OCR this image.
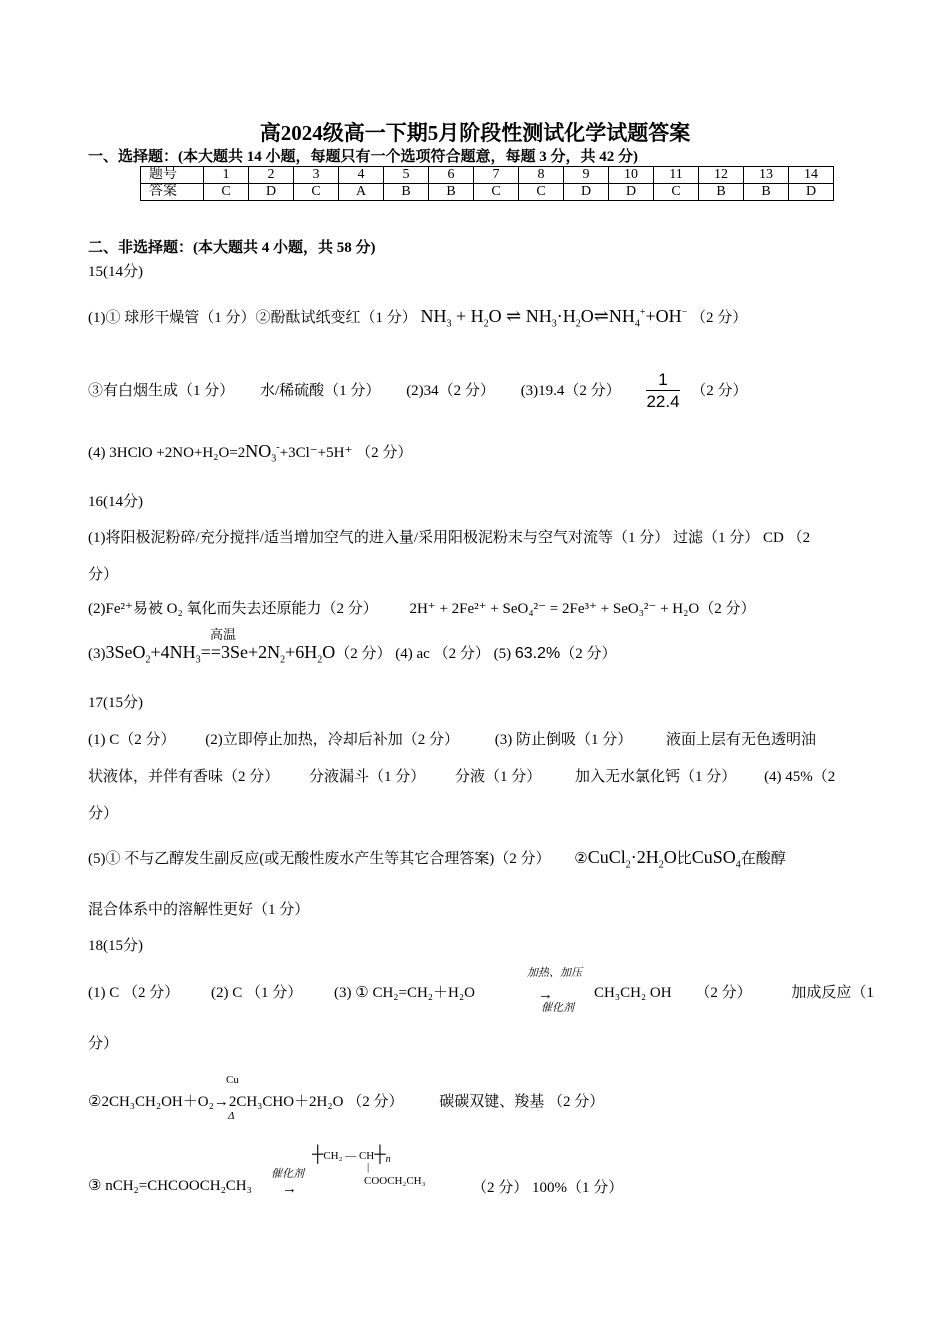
高2024级高一下期5月阶段性测试化学试题答案
一、选择题：(本大题共 14 小题，每题只有一个选项符合题意，每题 3 分，共 42 分)
题号	1	2	3	4	5	6	7	8	9	10	11	12	13	14
答案	C	D	C	A	B	B	C	C	D	D	C	B	B	D
二、非选择题：(本大题共 4 小题，共 58 分)
15(14分)
(1)① 球形干燥管（1 分）②酚酞试纸变红（1 分） $NH_3 + H_2O$ ⇌ $NH_3\cdot H_2O\rightleftharpoons NH_4^++OH^-$ （2 分）
③有白烟生成（1 分） 水/稀硫酸（1 分） (2)34（2 分） (3)19.4（2 分） $\frac{1}{22.4} (2$ 分）
(4) 3HClO $+2NO+H_2O=2NO_3^-+3Cl^-+5H^+$ （2 分）
16(14分)
(1)将阳极泥粉碎/充分搅拌/适当增加空气的进入量/采用阳极泥粉末与空气对流等（1 分） 过滤（1 分） CD （2
分）
(2)Fe²⁺易被 O₂ 氧化而失去还原能力（2 分） 2H⁺ + 2Fe²⁺ + SeO₄²⁻ = 2Fe³⁺ + SeO₃²⁻ + H₂O（2 分）
高温
$(3)3SeO_2+4NH_3==3Se+2N_2+6H_2O(2$ 分） (4) ac （2 分） (5) 63.2%（2 分）
17(15分)
(1) C（2 分） (2)立即停止加热，冷却后补加（2 分） (3) 防止倒吸（1 分） 液面上层有无色透明油
状液体，并伴有香味（2 分） 分液漏斗（1 分） 分液（1 分） 加入无水氯化钙（1 分） (4) 45%（2
分）
(5)① 不与乙醇发生副反应(或无酸性废水产生等其它合理答案)（2 分） $②CuCl_2\cdot 2H_2O$比CuSO$_4$在酸醇
混合体系中的溶解性更好（1 分）
18(15分)
加热、加压
(1) C （2 分） (2) C （1 分） (3) ① CH₂=CH₂＋H₂O	→	CH₃CH₂ OH （2 分）	加成反应（1
催化剂
分）
Cu
②2CH₃CH₂OH＋O₂→2CH₃CHO＋2H₂O （2 分） 碳碳双键、羧基 （2 分）
Δ
┼CH₂ — $CH┼_n$
|
COOCH₂CH₃
催化剂
③ nCH₂=CHCOOCH₂CH₃ →	（2 分） 100%（1 分）
